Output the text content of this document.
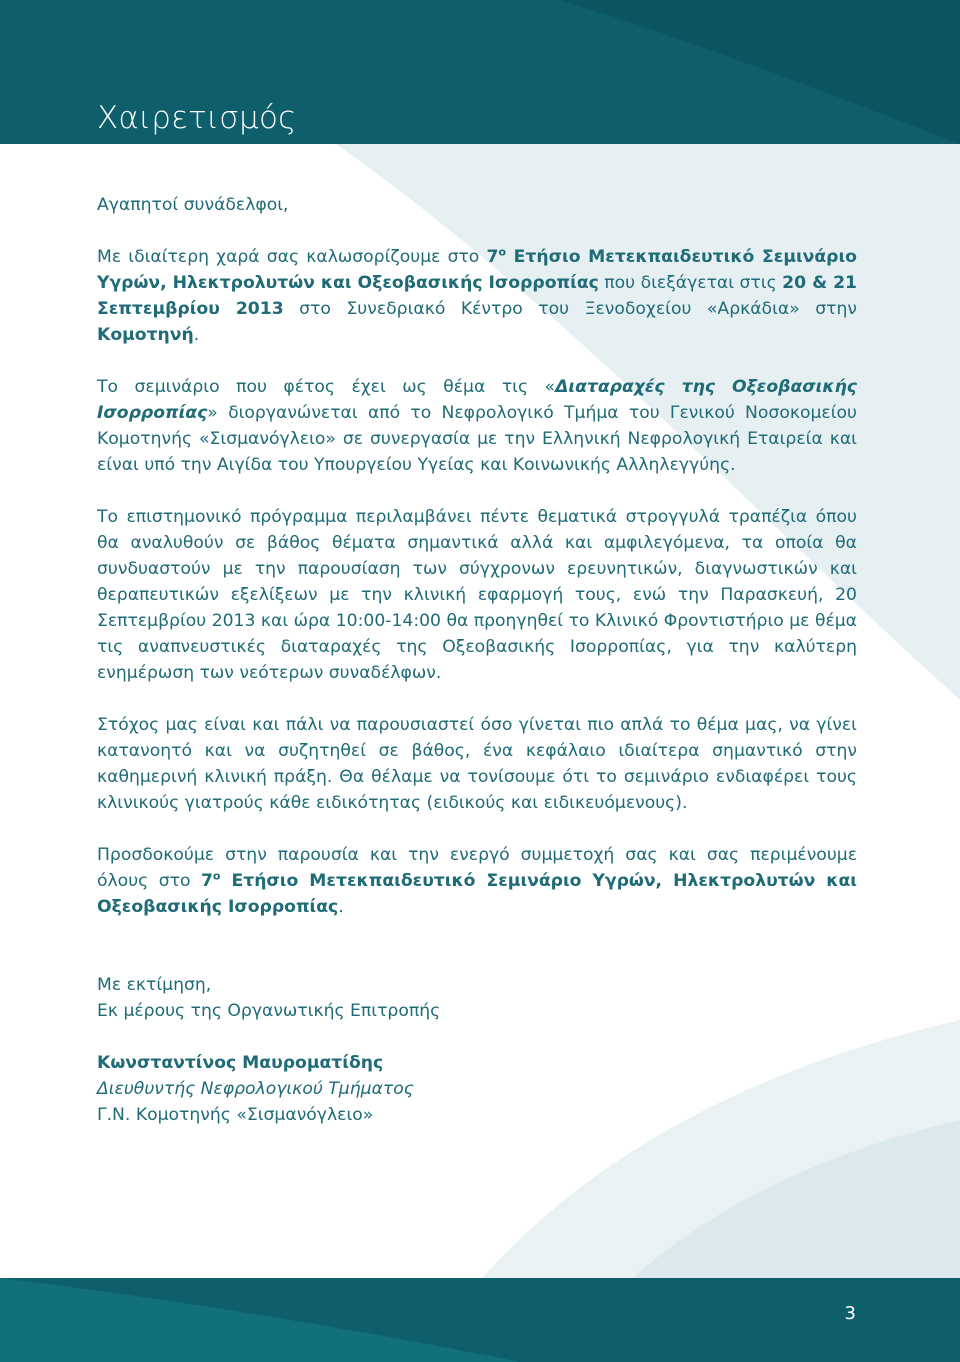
Χαιρετισμός

Αγαπητοί συνάδελφοι,

Με ιδιαίτερη χαρά σας καλωσορίζουμε στο $7^o$ Ετήσιο Μετεκπαιδευτικό Σεμινάριο Υγρών, Ηλεκτρολυτών και Οξεοβασικής Ισορροπίας που διεξάγεται στις 20 & 21 Σεπτεμβρίου 2013 στο Συνεδριακό Κέντρο του Ξενοδοχείου «Αρκάδια» στην Κομοτηνή.

Το σεμινάριο που φέτος έχει ως θέμα τις «Διαταραχές της Οξεοβασικής Ισορροπίας» διοργανώνεται από το Νεφρολογικό Τμήμα του Γενικού Νοσοκομείου Κομοτηνής «Σισμανόγλειο» σε συνεργασία με την Ελληνική Νεφρολογική Εταιρεία και είναι υπό την Αιγίδα του Υπουργείου Υγείας και Κοινωνικής Αλληλεγγύης.

Το επιστημονικό πρόγραμμα περιλαμβάνει πέντε θεματικά στρογγυλά τραπέζια όπου θα αναλυθούν σε βάθος θέματα σημαντικά αλλά και αμφιλεγόμενα, τα οποία θα συνδυαστούν με την παρουσίαση των σύγχρονων ερευνητικών, διαγνωστικών και θεραπευτικών εξελίξεων με την κλινική εφαρμογή τους, ενώ την Παρασκευή, 20 Σεπτεμβρίου 2013 και ώρα 10:00-14:00 θα προηγηθεί το Κλινικό Φροντιστήριο με θέμα τις αναπνευστικές διαταραχές της Οξεοβασικής Ισορροπίας, για την καλύτερη ενημέρωση των νεότερων συναδέλφων.

Στόχος μας είναι και πάλι να παρουσιαστεί όσο γίνεται πιο απλά το θέμα μας, να γίνει κατανοητό και να συζητηθεί σε βάθος, ένα κεφάλαιο ιδιαίτερα σημαντικό στην καθημερινή κλινική πράξη. Θα θέλαμε να τονίσουμε ότι το σεμινάριο ενδιαφέρει τους κλινικούς γιατρούς κάθε ειδικότητας (ειδικούς και ειδικευόμενους).

Προσδοκούμε στην παρουσία και την ενεργό συμμετοχή σας και σας περιμένουμε όλους στο $7^o$ Ετήσιο Μετεκπαιδευτικό Σεμινάριο Υγρών, Ηλεκτρολυτών και Οξεοβασικής Ισορροπίας.

Με εκτίμηση,

Εκ μέρους της Οργανωτικής Επιτροπής

Κωνσταντίνος Μαυροματίδης

Διευθυντής Νεφρολογικού Τμήματος

Γ.Ν. Κομοτηνής «Σισμανόγλειο»

3
